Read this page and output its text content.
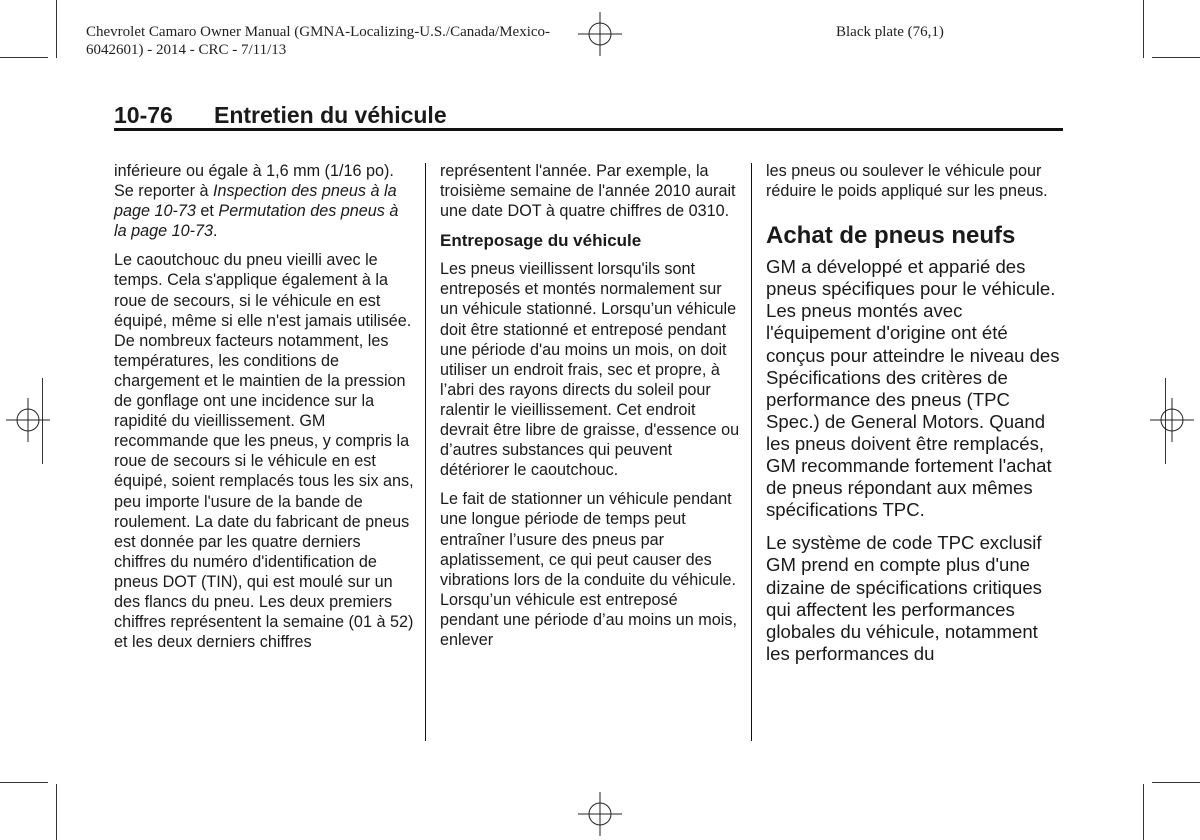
Chevrolet Camaro Owner Manual (GMNA-Localizing-U.S./Canada/Mexico-
6042601) - 2014 - CRC - 7/11/13
Black plate (76,1)
10-76 Entretien du véhicule

inférieure ou égale à 1,6 mm (1/16 po). Se reporter à Inspection des pneus à la page 10-73 et Permutation des pneus à la page 10-73.

Le caoutchouc du pneu vieilli avec le temps. Cela s'applique également à la roue de secours, si le véhicule en est équipé, même si elle n'est jamais utilisée. De nombreux facteurs notamment, les températures, les conditions de chargement et le maintien de la pression de gonflage ont une incidence sur la rapidité du vieillissement. GM recommande que les pneus, y compris la roue de secours si le véhicule en est équipé, soient remplacés tous les six ans, peu importe l'usure de la bande de roulement. La date du fabricant de pneus est donnée par les quatre derniers chiffres du numéro d'identification de pneus DOT (TIN), qui est moulé sur un des flancs du pneu. Les deux premiers chiffres représentent la semaine (01 à 52) et les deux derniers chiffres

représentent l'année. Par exemple, la troisième semaine de l'année 2010 aurait une date DOT à quatre chiffres de 0310.

Entreposage du véhicule

Les pneus vieillissent lorsqu'ils sont entreposés et montés normalement sur un véhicule stationné. Lorsqu’un véhicule doit être stationné et entreposé pendant une période d'au moins un mois, on doit utiliser un endroit frais, sec et propre, à l’abri des rayons directs du soleil pour ralentir le vieillissement. Cet endroit devrait être libre de graisse, d'essence ou d’autres substances qui peuvent détériorer le caoutchouc.

Le fait de stationner un véhicule pendant une longue période de temps peut entraîner l’usure des pneus par aplatissement, ce qui peut causer des vibrations lors de la conduite du véhicule. Lorsqu’un véhicule est entreposé pendant une période d’au moins un mois, enlever

les pneus ou soulever le véhicule pour réduire le poids appliqué sur les pneus.

Achat de pneus neufs

GM a développé et apparié des pneus spécifiques pour le véhicule. Les pneus montés avec l'équipement d'origine ont été conçus pour atteindre le niveau des Spécifications des critères de performance des pneus (TPC Spec.) de General Motors. Quand les pneus doivent être remplacés, GM recommande fortement l'achat de pneus répondant aux mêmes spécifications TPC.

Le système de code TPC exclusif GM prend en compte plus d'une dizaine de spécifications critiques qui affectent les performances globales du véhicule, notamment les performances du
